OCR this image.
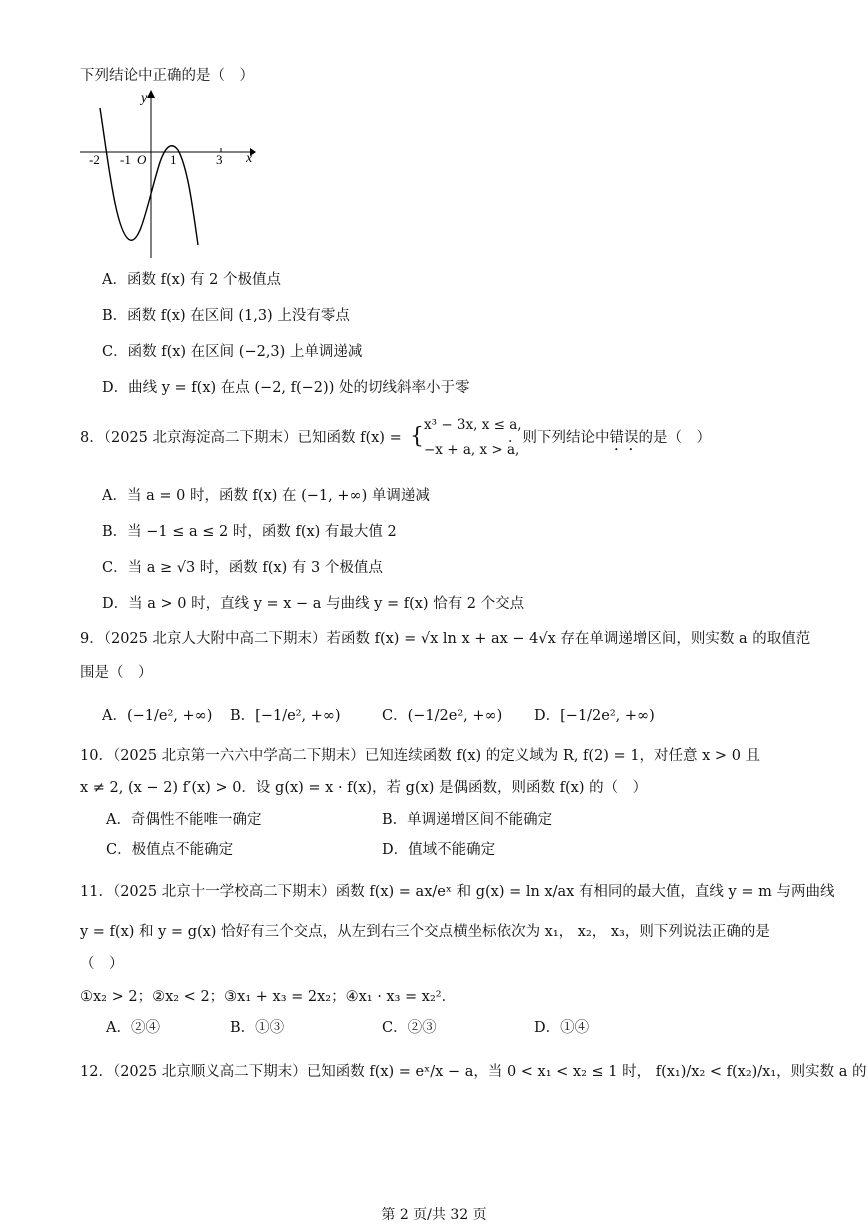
下列结论中正确的是（　）
y
x
O
-2 -1	1	3
A．函数 f(x) 有 2 个极值点
B．函数 f(x) 在区间 (1,3) 上没有零点
C．函数 f(x) 在区间 (−2,3) 上单调递减
D．曲线 y = f(x) 在点 (−2, f(−2)) 处的切线斜率小于零
8．（2025 北京海淀高二下期末）已知函数 f(x) = { x³ − 3x, x ≤ a,
−x + a, x > a,
．则下列结论中错误的是（　）
A．当 a = 0 时，函数 f(x) 在 (−1, +∞) 单调递减
B．当 −1 ≤ a ≤ 2 时，函数 f(x) 有最大值 2
C．当 a ≥ √3 时，函数 f(x) 有 3 个极值点
D．当 a > 0 时，直线 y = x − a 与曲线 y = f(x) 恰有 2 个交点
9．（2025 北京人大附中高二下期末）若函数 f(x) = √x ln x + ax − 4√x 存在单调递增区间，则实数 a 的取值范
围是（　）
A．(−1/e², +∞) B．[−1/e², +∞)	C．(−1/2e², +∞) D．[−1/2e², +∞)
10．（2025 北京第一六六中学高二下期末）已知连续函数 f(x) 的定义域为 R, f(2) = 1，对任意 x > 0 且
x ≠ 2, (x − 2) f′(x) > 0．设 g(x) = x · f(x)，若 g(x) 是偶函数，则函数 f(x) 的（　）
A．奇偶性不能唯一确定	B．单调递增区间不能确定
C．极值点不能确定	D．值域不能确定
11．（2025 北京十一学校高二下期末）函数 f(x) = ax/eˣ 和 g(x) = ln x/ax 有相同的最大值，直线 y = m 与两曲线
y = f(x) 和 y = g(x) 恰好有三个交点，从左到右三个交点横坐标依次为 x₁， x₂， x₃，则下列说法正确的是
（　）
①x₂ > 2；②x₂ < 2；③x₁ + x₃ = 2x₂；④x₁ · x₃ = x₂²．
A．②④	B．①③	C．②③	D．①④
12．（2025 北京顺义高二下期末）已知函数 f(x) = eˣ/x − a，当 0 < x₁ < x₂ ≤ 1 时， f(x₁)/x₂ < f(x₂)/x₁，则实数 a 的
第 2 页/共 32 页
